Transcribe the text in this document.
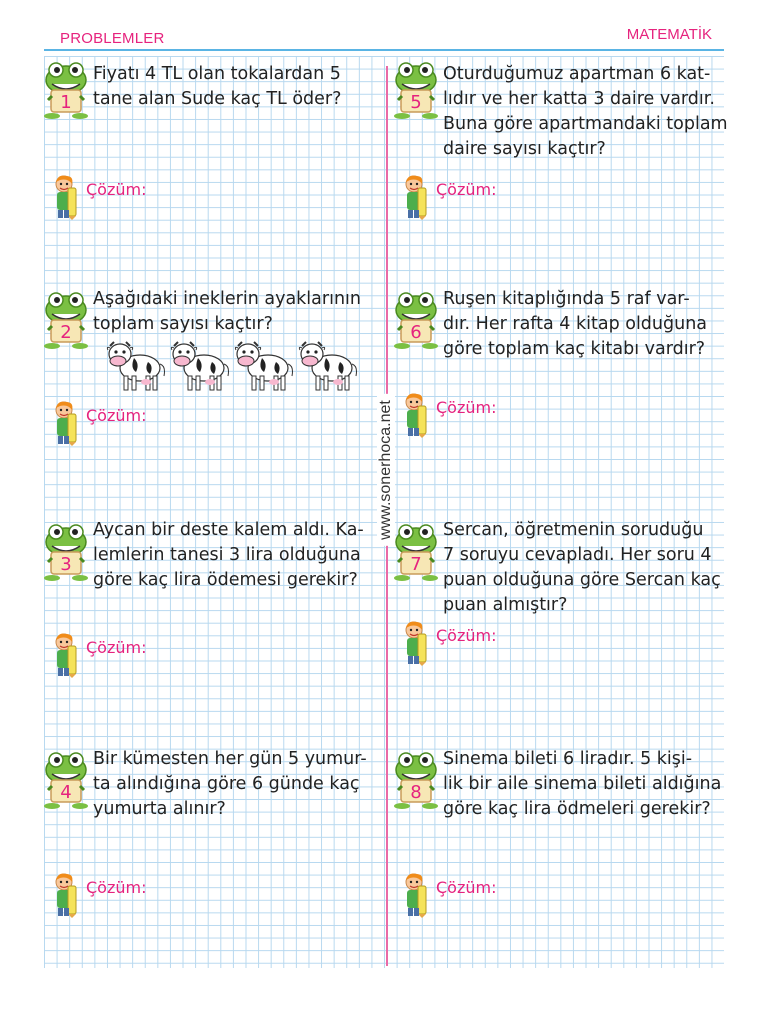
PROBLEMLER	MATEMATİK
www.sonerhoca.net
1
Fiyatı 4 TL olan tokalardan 5
tane alan Sude kaç TL öder?
Çözüm:
2
Aşağıdaki ineklerin ayaklarının
toplam sayısı kaçtır?
Çözüm:
3
Aycan bir deste kalem aldı. Ka-
lemlerin tanesi 3 lira olduğuna
göre kaç lira ödemesi gerekir?
Çözüm:
4
Bir kümesten her gün 5 yumur-
ta alındığına göre 6 günde kaç
yumurta alınır?
Çözüm:
5
Oturduğumuz apartman 6 kat-
lıdır ve her katta 3 daire vardır.
Buna göre apartmandaki toplam
daire sayısı kaçtır?
Çözüm:
6
Ruşen kitaplığında 5 raf var-
dır. Her rafta 4 kitap olduğuna
göre toplam kaç kitabı vardır?
Çözüm:
7
Sercan, öğretmenin soruduğu
7 soruyu cevapladı. Her soru 4
puan olduğuna göre Sercan kaç
puan almıştır?
Çözüm:
8
Sinema bileti 6 liradır. 5 kişi-
lik bir aile sinema bileti aldığına
göre kaç lira ödmeleri gerekir?
Çözüm:
